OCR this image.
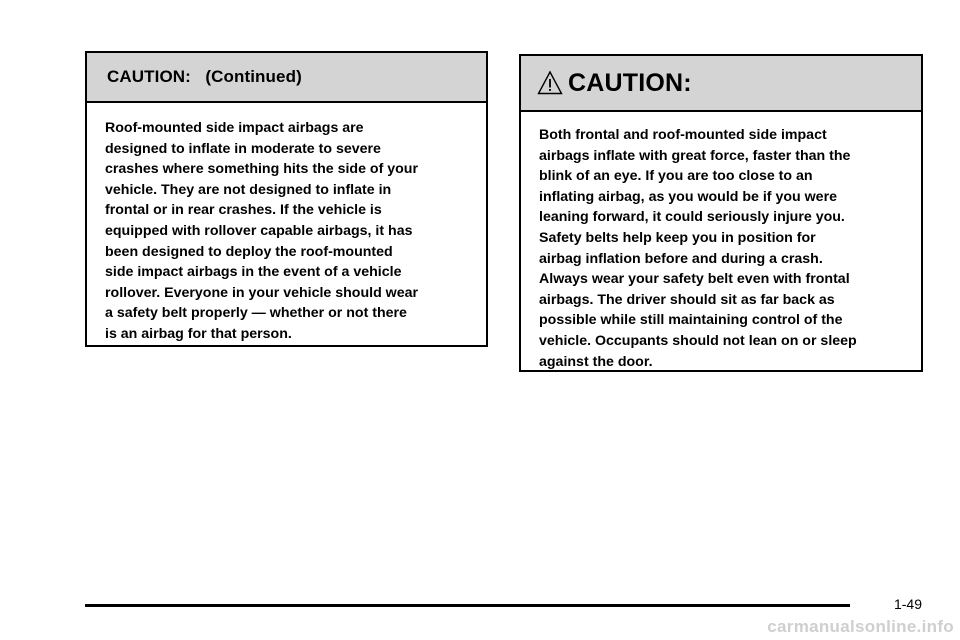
CAUTION:   (Continued)
Roof-mounted side impact airbags are
designed to inflate in moderate to severe
crashes where something hits the side of your
vehicle. They are not designed to inflate in
frontal or in rear crashes. If the vehicle is
equipped with rollover capable airbags, it has
been designed to deploy the roof-mounted
side impact airbags in the event of a vehicle
rollover. Everyone in your vehicle should wear
a safety belt properly — whether or not there
is an airbag for that person.
CAUTION:
Both frontal and roof-mounted side impact
airbags inflate with great force, faster than the
blink of an eye. If you are too close to an
inflating airbag, as you would be if you were
leaning forward, it could seriously injure you.
Safety belts help keep you in position for
airbag inflation before and during a crash.
Always wear your safety belt even with frontal
airbags. The driver should sit as far back as
possible while still maintaining control of the
vehicle. Occupants should not lean on or sleep
against the door.
1-49
carmanualsonline.info
